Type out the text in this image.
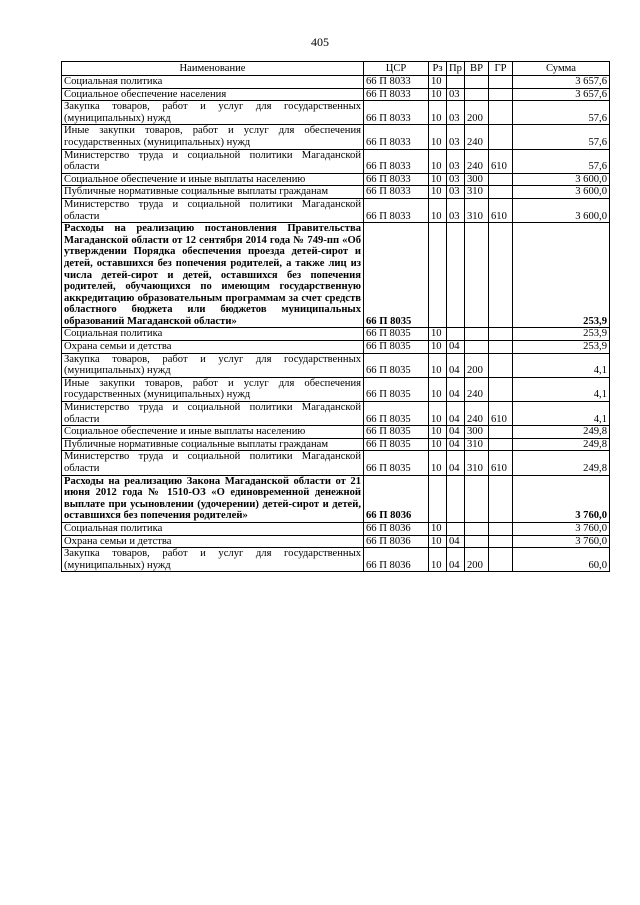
405
Наименование	ЦСР	Рз	Пр	ВР	ГР	Сумма
Социальная политика	66 П 8033	10				3 657,6
Социальное обеспечение населения	66 П 8033	10	03			3 657,6
Закупка товаров, работ и услуг для государственных (муниципальных) нужд	66 П 8033	10	03	200		57,6
Иные закупки товаров, работ и услуг для обеспечения государственных (муниципальных) нужд	66 П 8033	10	03	240		57,6
Министерство труда и социальной политики Магаданской области	66 П 8033	10	03	240	610	57,6
Социальное обеспечение и иные выплаты населению	66 П 8033	10	03	300		3 600,0
Публичные нормативные социальные выплаты гражданам	66 П 8033	10	03	310		3 600,0
Министерство труда и социальной политики Магаданской области	66 П 8033	10	03	310	610	3 600,0
Расходы на реализацию постановления Правительства Магаданской области от 12 сентября 2014 года № 749-пп «Об утверждении Порядка обеспечения проезда детей-сирот и детей, оставшихся без попечения родителей, а также лиц из числа детей-сирот и детей, оставшихся без попечения родителей, обучающихся по имеющим государственную аккредитацию образовательным программам за счет средств областного бюджета или бюджетов муниципальных образований Магаданской области»	66 П 8035					253,9
Социальная политика	66 П 8035	10				253,9
Охрана семьи и детства	66 П 8035	10	04			253,9
Закупка товаров, работ и услуг для государственных (муниципальных) нужд	66 П 8035	10	04	200		4,1
Иные закупки товаров, работ и услуг для обеспечения государственных (муниципальных) нужд	66 П 8035	10	04	240		4,1
Министерство труда и социальной политики Магаданской области	66 П 8035	10	04	240	610	4,1
Социальное обеспечение и иные выплаты населению	66 П 8035	10	04	300		249,8
Публичные нормативные социальные выплаты гражданам	66 П 8035	10	04	310		249,8
Министерство труда и социальной политики Магаданской области	66 П 8035	10	04	310	610	249,8
Расходы на реализацию Закона Магаданской области от 21 июня 2012 года № 1510-ОЗ «О единовременной денежной выплате при усыновлении (удочерении) детей-сирот и детей, оставшихся без попечения родителей»	66 П 8036					3 760,0
Социальная политика	66 П 8036	10				3 760,0
Охрана семьи и детства	66 П 8036	10	04			3 760,0
Закупка товаров, работ и услуг для государственных (муниципальных) нужд	66 П 8036	10	04	200		60,0
